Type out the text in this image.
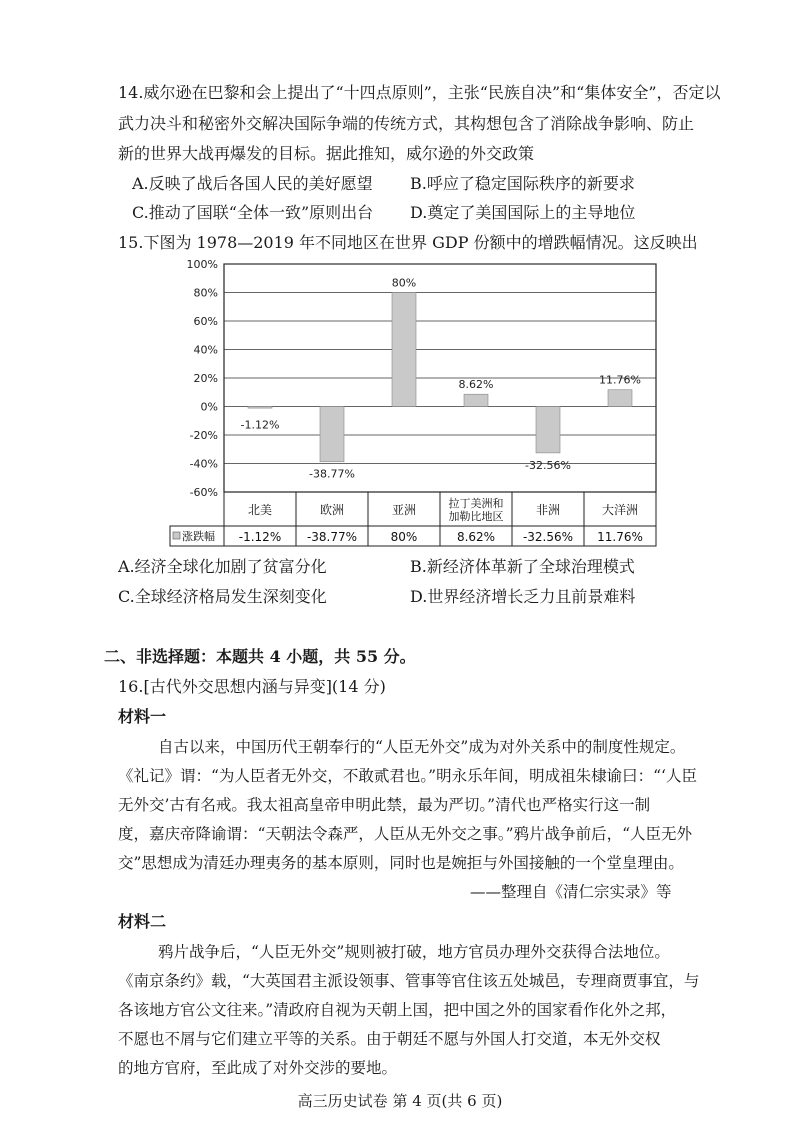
14.威尔逊在巴黎和会上提出了“十四点原则”，主张“民族自决”和“集体安全”，否定以
武力决斗和秘密外交解决国际争端的传统方式，其构想包含了消除战争影响、防止
新的世界大战再爆发的目标。据此推知，威尔逊的外交政策
A.反映了战后各国人民的美好愿望 B.呼应了稳定国际秩序的新要求
C.推动了国联“全体一致”原则出台 D.奠定了美国国际上的主导地位
15.下图为 1978—2019 年不同地区在世界 GDP 份额中的增跌幅情况。这反映出
100%
80%
60%
40%
20%
0%
-20%
-40%
-60%
-1.12%
-38.77%
80%
8.62%
-32.56%
11.76%
北美
-1.12%
欧洲
-38.77%
亚洲
80%
拉丁美洲和
加勒比地区
8.62%
非洲
-32.56%
大洋洲
11.76%
涨跌幅
A.经济全球化加剧了贫富分化	B.新经济体革新了全球治理模式
C.全球经济格局发生深刻变化	D.世界经济增长乏力且前景难料
二、非选择题：本题共 4 小题，共 55 分。
16.[古代外交思想内涵与异变](14 分)
材料一
自古以来，中国历代王朝奉行的“人臣无外交”成为对外关系中的制度性规定。
《礼记》谓：“为人臣者无外交，不敢贰君也。”明永乐年间，明成祖朱棣谕曰：“‘人臣
无外交’古有名戒。我太祖高皇帝申明此禁，最为严切。”清代也严格实行这一制
度，嘉庆帝降谕谓：“天朝法令森严，人臣从无外交之事。”鸦片战争前后，“人臣无外
交”思想成为清廷办理夷务的基本原则，同时也是婉拒与外国接触的一个堂皇理由。
——整理自《清仁宗实录》等
材料二
鸦片战争后，“人臣无外交”规则被打破，地方官员办理外交获得合法地位。
《南京条约》载，“大英国君主派设领事、管事等官住该五处城邑，专理商贾事宜，与
各该地方官公文往来。”清政府自视为天朝上国，把中国之外的国家看作化外之邦，
不愿也不屑与它们建立平等的关系。由于朝廷不愿与外国人打交道，本无外交权
的地方官府，至此成了对外交涉的要地。
高三历史试卷 第 4 页(共 6 页)
